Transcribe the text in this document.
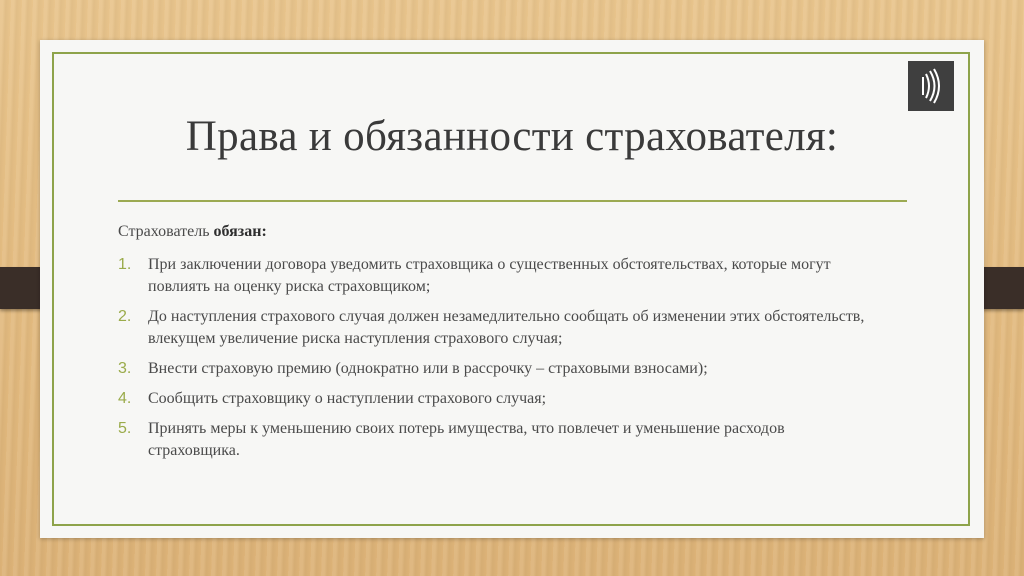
Права и обязанности страхователя:
Страхователь обязан:
1. При заключении договора уведомить страховщика о существенных обстоятельствах, которые могут повлиять на оценку риска страховщиком;
2. До наступления страхового случая должен незамедлительно сообщать об изменении этих обстоятельств, влекущем увеличение риска наступления страхового случая;
3. Внести страховую премию (однократно или в рассрочку – страховыми взносами);
4. Сообщить страховщику о наступлении страхового случая;
5. Принять меры к уменьшению своих потерь имущества, что повлечет и уменьшение расходов страховщика.
